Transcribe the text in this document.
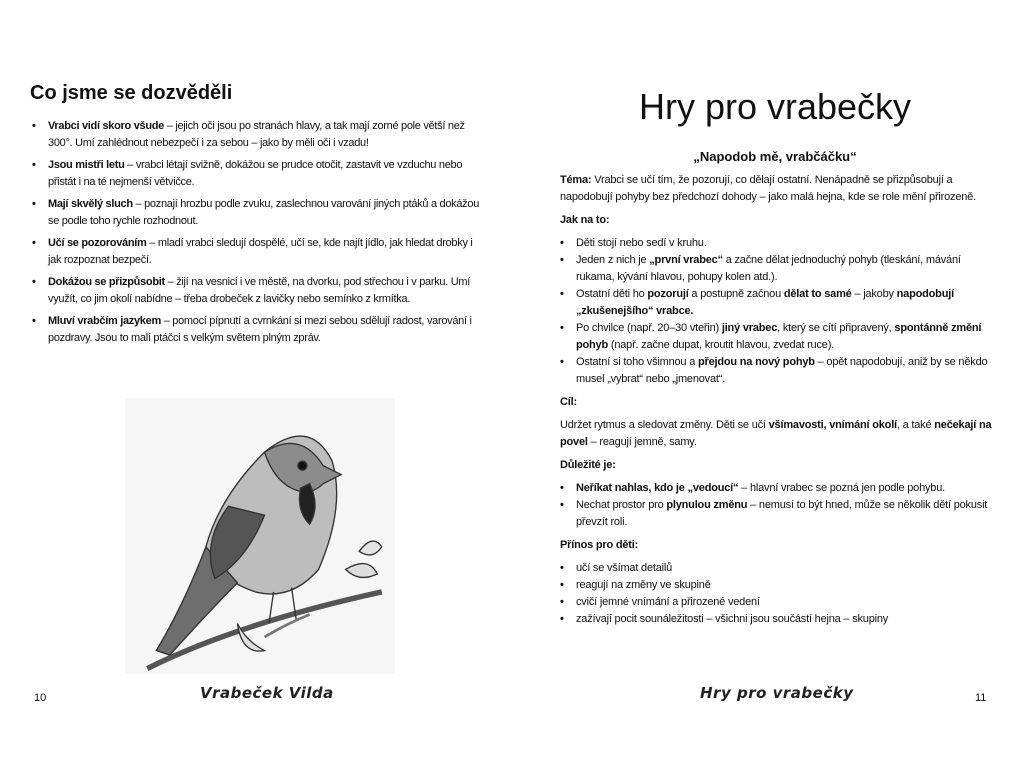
Co jsme se dozvěděli
• Vrabci vidí skoro všude – jejich oči jsou po stranách hlavy, a tak mají zorné pole větší než 300°. Umí zahlédnout nebezpečí i za sebou – jako by měli oči i vzadu!
• Jsou mistři letu – vrabci létají svižně, dokážou se prudce otočit, zastavit ve vzduchu nebo přistát i na té nejmenší větvičce.
• Mají skvělý sluch – poznají hrozbu podle zvuku, zaslechnou varování jiných ptáků a dokážou se podle toho rychle rozhodnout.
• Učí se pozorováním – mladí vrabci sledují dospělé, učí se, kde najít jídlo, jak hledat drobky i jak rozpoznat bezpečí.
• Dokážou se přizpůsobit – žijí na vesnici i ve městě, na dvorku, pod střechou i v parku. Umí využít, co jim okolí nabídne – třeba drobeček z lavičky nebo semínko z krmítka.
• Mluví vrabčím jazykem – pomocí pípnutí a cvrnkání si mezi sebou sdělují radost, varování i pozdravy. Jsou to malí ptáčci s velkým světem plným zpráv.
Vrabeček Vilda
10
Hry pro vrabečky
„Napodob mě, vrabčáčku“

Téma: Vrabci se učí tím, že pozorují, co dělají ostatní. Nenápadně se přizpůsobují a napodobují pohyby bez předchozí dohody – jako malá hejna, kde se role mění přirozeně.

Jak na to:

• Děti stojí nebo sedí v kruhu.
• Jeden z nich je „první vrabec“ a začne dělat jednoduchý pohyb (tleskání, mávání rukama, kývání hlavou, pohupy kolen atd.).
• Ostatní děti ho pozorují a postupně začnou dělat to samé – jakoby napodobují „zkušenejšího“ vrabce.
• Po chvilce (např. 20–30 vteřin) jiný vrabec, který se cítí připravený, spontánně změní pohyb (např. začne dupat, kroutit hlavou, zvedat ruce).
• Ostatní si toho všimnou a přejdou na nový pohyb – opět napodobují, aniž by se někdo musel „vybrat“ nebo „jmenovat“.

Cíl:

Udržet rytmus a sledovat změny. Děti se učí všímavosti, vnímání okolí, a také nečekají na povel – reagují jemně, samy.

Důležité je:

• Neříkat nahlas, kdo je „vedoucí“ – hlavní vrabec se pozná jen podle pohybu.
• Nechat prostor pro plynulou změnu – nemusí to být hned, může se několik dětí pokusit převzít roli.

Přínos pro děti:

• učí se všímat detailů
• reagují na změny ve skupině
• cvičí jemné vnímání a přirozené vedení
• zažívají pocit sounáležitosti – všichni jsou součástí hejna – skupiny
Hry pro vrabečky	11
